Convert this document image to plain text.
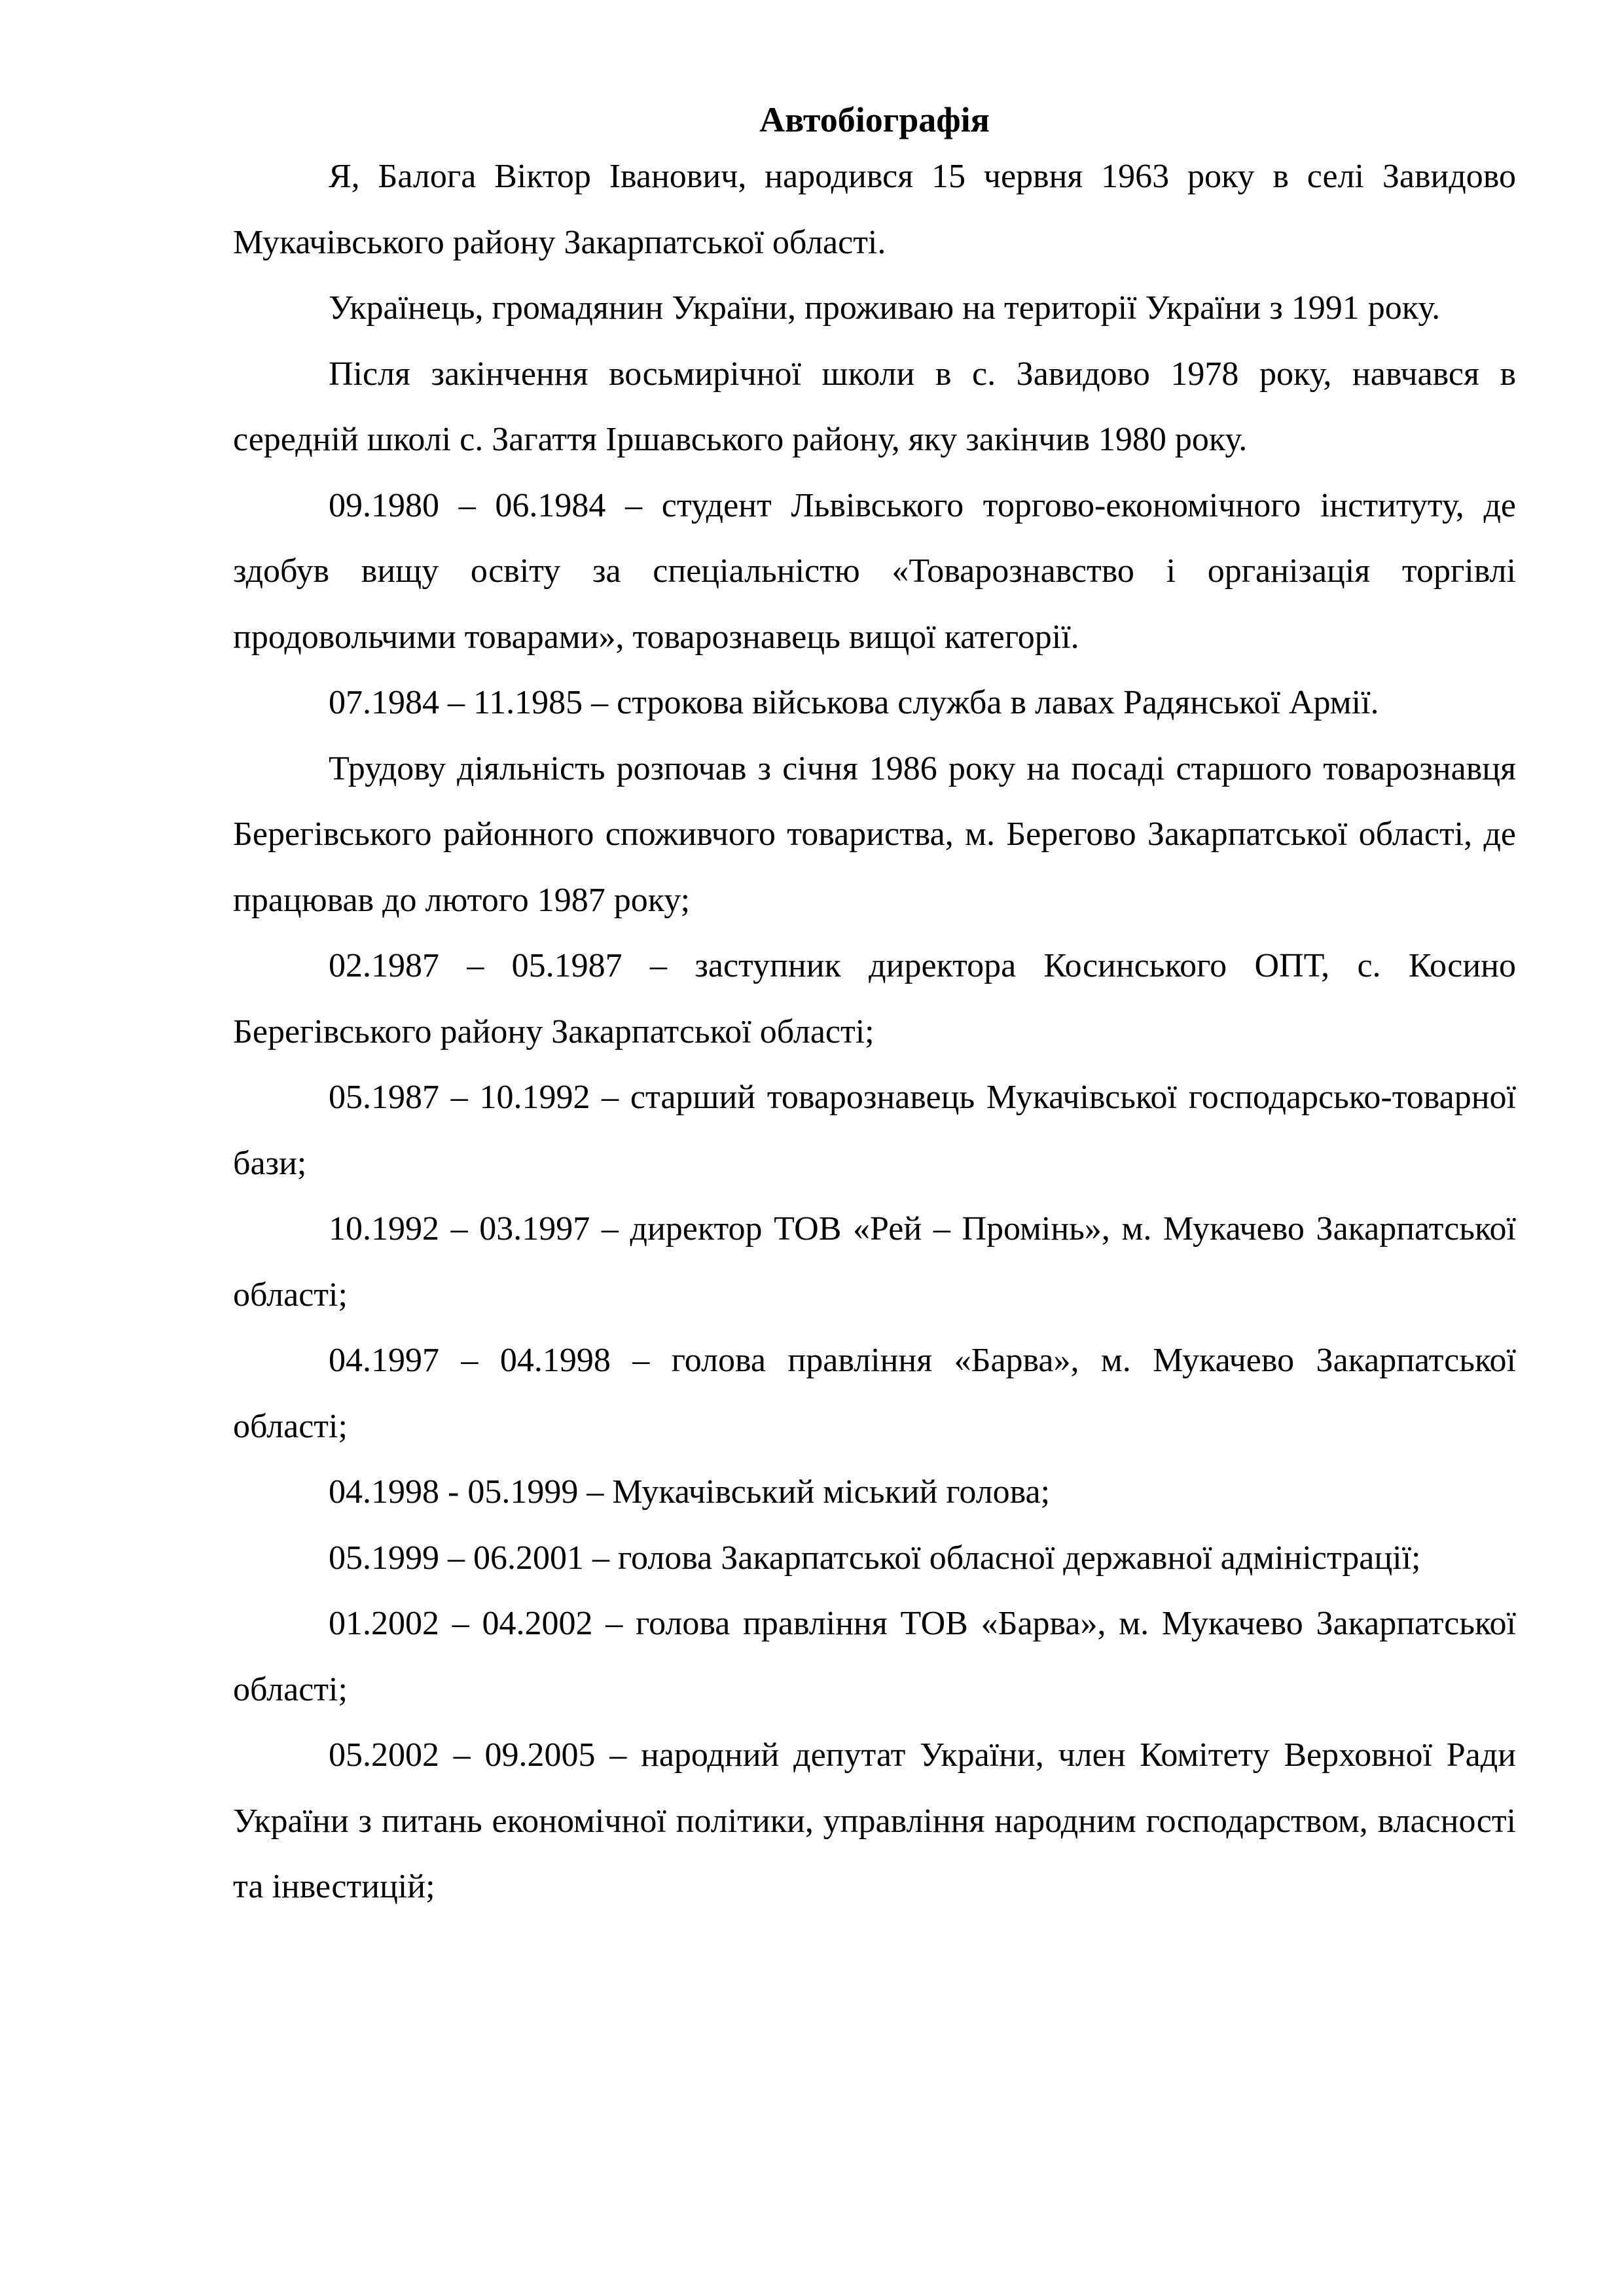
Автобіографія

Я, Балога Віктор Іванович, народився 15 червня 1963 року в селі Завидово Мукачівського району Закарпатської області.

Українець, громадянин України, проживаю на території України з 1991 року.

Після закінчення восьмирічної школи в с. Завидово 1978 року, навчався в середній школі с. Загаття Іршавського району, яку закінчив 1980 року.

09.1980 – 06.1984 – студент Львівського торгово-економічного інституту, де здобув вищу освіту за спеціальністю «Товарознавство і організація торгівлі продовольчими товарами», товарознавець вищої категорії.

07.1984 – 11.1985 – строкова військова служба в лавах Радянської Армії.

Трудову діяльність розпочав з січня 1986 року на посаді старшого товарознавця Берегівського районного споживчого товариства, м. Берегово Закарпатської області, де працював до лютого 1987 року;

02.1987 – 05.1987 – заступник директора Косинського ОПТ, с. Косино Берегівського району Закарпатської області;

05.1987 – 10.1992 – старший товарознавець Мукачівської господарсько-товарної бази;

10.1992 – 03.1997 – директор ТОВ «Рей – Промінь», м. Мукачево Закарпатської області;

04.1997 – 04.1998 – голова правління «Барва», м. Мукачево Закарпатської області;

04.1998 - 05.1999 – Мукачівський міський голова;

05.1999 – 06.2001 – голова Закарпатської обласної державної адміністрації;

01.2002 – 04.2002 – голова правління ТОВ «Барва», м. Мукачево Закарпатської області;

05.2002 – 09.2005 – народний депутат України, член Комітету Верховної Ради України з питань економічної політики, управління народним господарством, власності та інвестицій;
